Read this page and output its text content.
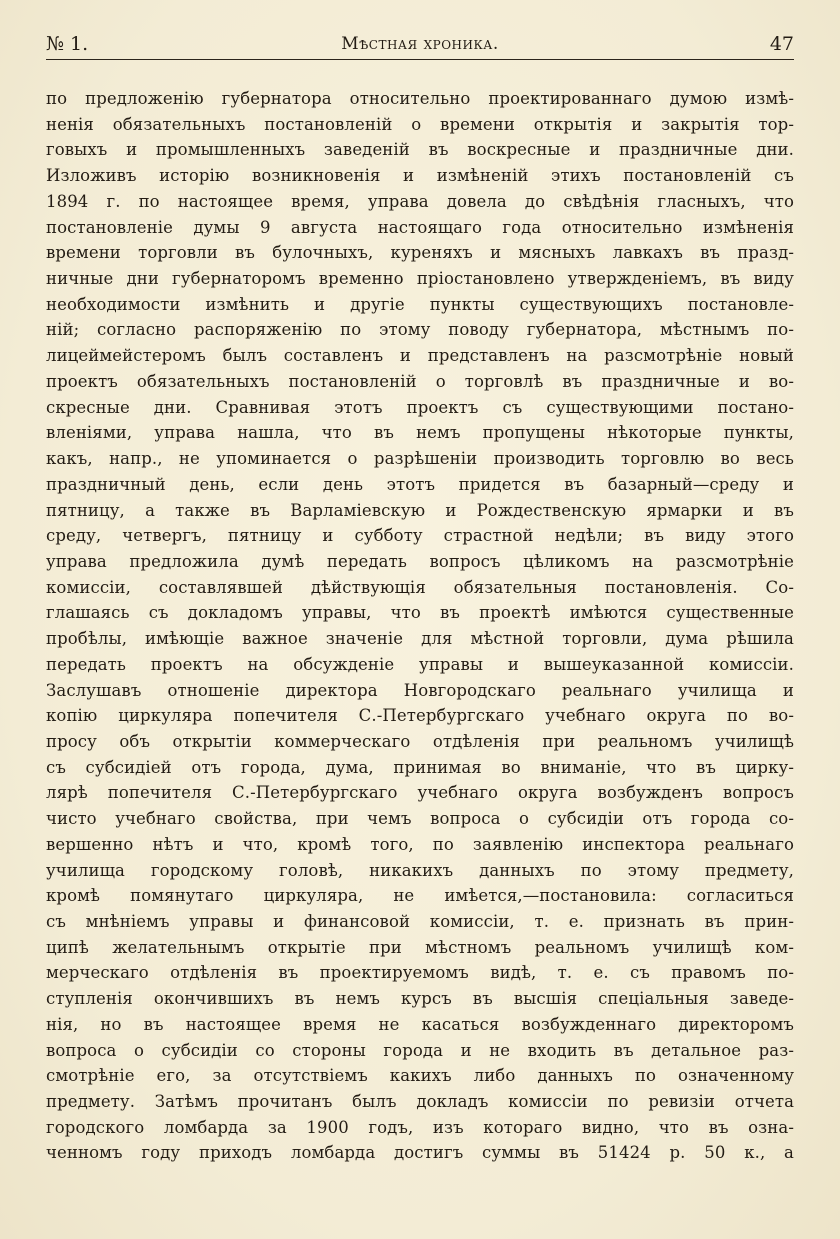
№ 1.	Мѣстная хроника.	47
по предложенію губернатора относительно проектированнаго думою измѣ-
ненія обязательныхъ постановленій о времени открытія и закрытія тор-
говыхъ и промышленныхъ заведеній въ воскресные и праздничные дни.
Изложивъ исторію возникновенія и измѣненій этихъ постановленій съ
1894 г. по настоящее время, управа довела до свѣдѣнія гласныхъ, что
постановленіе думы 9 августа настоящаго года относительно измѣненія
времени торговли въ булочныхъ, куреняхъ и мясныхъ лавкахъ въ празд-
ничные дни губернаторомъ временно пріостановлено утвержденіемъ, въ виду
необходимости измѣнить и другіе пункты существующихъ постановле-
ній; согласно распоряженію по этому поводу губернатора, мѣстнымъ по-
лицеймейстеромъ былъ составленъ и представленъ на разсмотрѣніе новый
проектъ обязательныхъ постановленій о торговлѣ въ праздничные и во-
скресные дни. Сравнивая этотъ проектъ съ существующими постано-
вленіями, управа нашла, что въ немъ пропущены нѣкоторые пункты,
какъ, напр., не упоминается о разрѣшеніи производить торговлю во весь
праздничный день, если день этотъ придется въ базарный—среду и
пятницу, а также въ Варламіевскую и Рождественскую ярмарки и въ
среду, четвергъ, пятницу и субботу страстной недѣли; въ виду этого
управа предложила думѣ передать вопросъ цѣликомъ на разсмотрѣніе
комиссіи, составлявшей дѣйствующія обязательныя постановленія. Со-
глашаясь съ докладомъ управы, что въ проектѣ имѣются существенные
пробѣлы, имѣющіе важное значеніе для мѣстной торговли, дума рѣшила
передать проектъ на обсужденіе управы и вышеуказанной комиссіи.
Заслушавъ отношеніе директора Новгородскаго реальнаго училища и
копію циркуляра попечителя С.-Петербургскаго учебнаго округа по во-
просу объ открытіи коммерческаго отдѣленія при реальномъ училищѣ
съ субсидіей отъ города, дума, принимая во вниманіе, что въ цирку-
лярѣ попечителя С.-Петербургскаго учебнаго округа возбужденъ вопросъ
чисто учебнаго свойства, при чемъ вопроса о субсидіи отъ города со-
вершенно нѣтъ и что, кромѣ того, по заявленію инспектора реальнаго
училища городскому головѣ, никакихъ данныхъ по этому предмету,
кромѣ помянутаго циркуляра, не имѣется,—постановила: согласиться
съ мнѣніемъ управы и финансовой комиссіи, т. е. признать въ прин-
ципѣ желательнымъ открытіе при мѣстномъ реальномъ училищѣ ком-
мерческаго отдѣленія въ проектируемомъ видѣ, т. е. съ правомъ по-
ступленія окончившихъ въ немъ курсъ въ высшія спеціальныя заведе-
нія, но въ настоящее время не касаться возбужденнаго директоромъ
вопроса о субсидіи со стороны города и не входить въ детальное раз-
смотрѣніе его, за отсутствіемъ какихъ либо данныхъ по означенному
предмету. Затѣмъ прочитанъ былъ докладъ комиссіи по ревизіи отчета
городского ломбарда за 1900 годъ, изъ котораго видно, что въ озна-
ченномъ году приходъ ломбарда достигъ суммы въ 51424 р. 50 к., а
